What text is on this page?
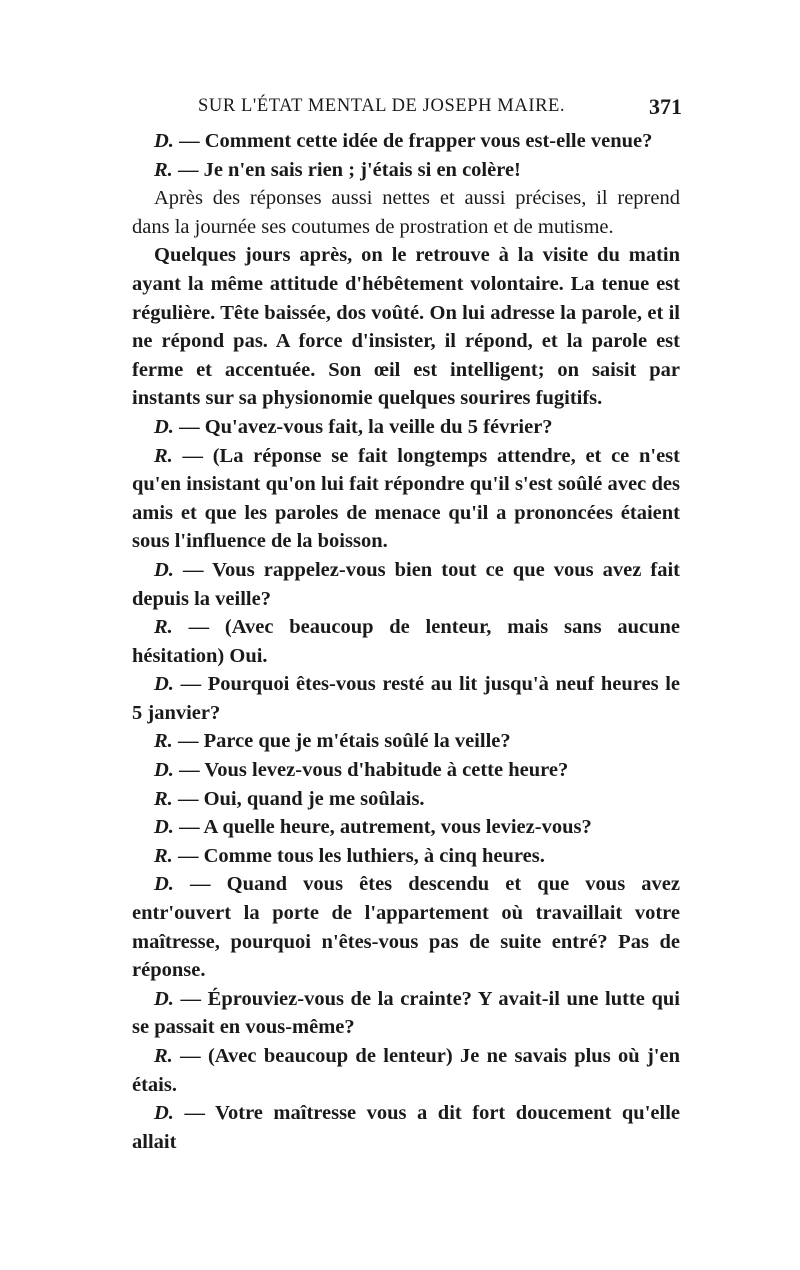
SUR L'ÉTAT MENTAL DE JOSEPH MAIRE.	371

D. — Comment cette idée de frapper vous est-elle venue?

R. — Je n'en sais rien ; j'étais si en colère!

Après des réponses aussi nettes et aussi précises, il reprend dans la journée ses coutumes de prostration et de mutisme.

Quelques jours après, on le retrouve à la visite du matin ayant la même attitude d'hébêtement volontaire. La tenue est régulière. Tête baissée, dos voûté. On lui adresse la parole, et il ne répond pas. A force d'insister, il répond, et la parole est ferme et accentuée. Son œil est intelligent; on saisit par instants sur sa physionomie quelques sourires fugitifs.

D. — Qu'avez-vous fait, la veille du 5 février?

R. — (La réponse se fait longtemps attendre, et ce n'est qu'en insistant qu'on lui fait répondre qu'il s'est soûlé avec des amis et que les paroles de menace qu'il a prononcées étaient sous l'influence de la boisson.

D. — Vous rappelez-vous bien tout ce que vous avez fait depuis la veille?

R. — (Avec beaucoup de lenteur, mais sans aucune hésitation) Oui.

D. — Pourquoi êtes-vous resté au lit jusqu'à neuf heures le 5 janvier?

R. — Parce que je m'étais soûlé la veille?

D. — Vous levez-vous d'habitude à cette heure?

R. — Oui, quand je me soûlais.

D. — A quelle heure, autrement, vous leviez-vous?

R. — Comme tous les luthiers, à cinq heures.

D. — Quand vous êtes descendu et que vous avez entr'ouvert la porte de l'appartement où travaillait votre maîtresse, pourquoi n'êtes-vous pas de suite entré? Pas de réponse.

D. — Éprouviez-vous de la crainte? Y avait-il une lutte qui se passait en vous-même?

R. — (Avec beaucoup de lenteur) Je ne savais plus où j'en étais.

D. — Votre maîtresse vous a dit fort doucement qu'elle allait
